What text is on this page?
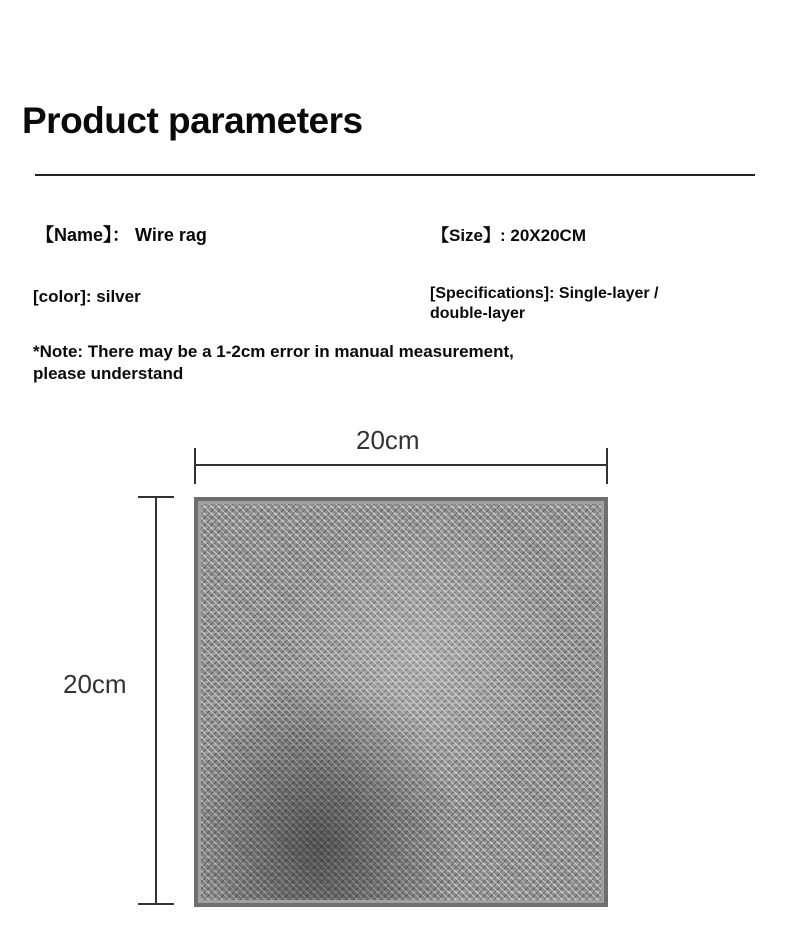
Product parameters
【Name】： Wire rag	【Size】: 20X20CM
[color]: silver	[Specifications]: Single-layer /
double-layer
*Note: There may be a 1-2cm error in manual measurement,
please understand
20cm
20cm
